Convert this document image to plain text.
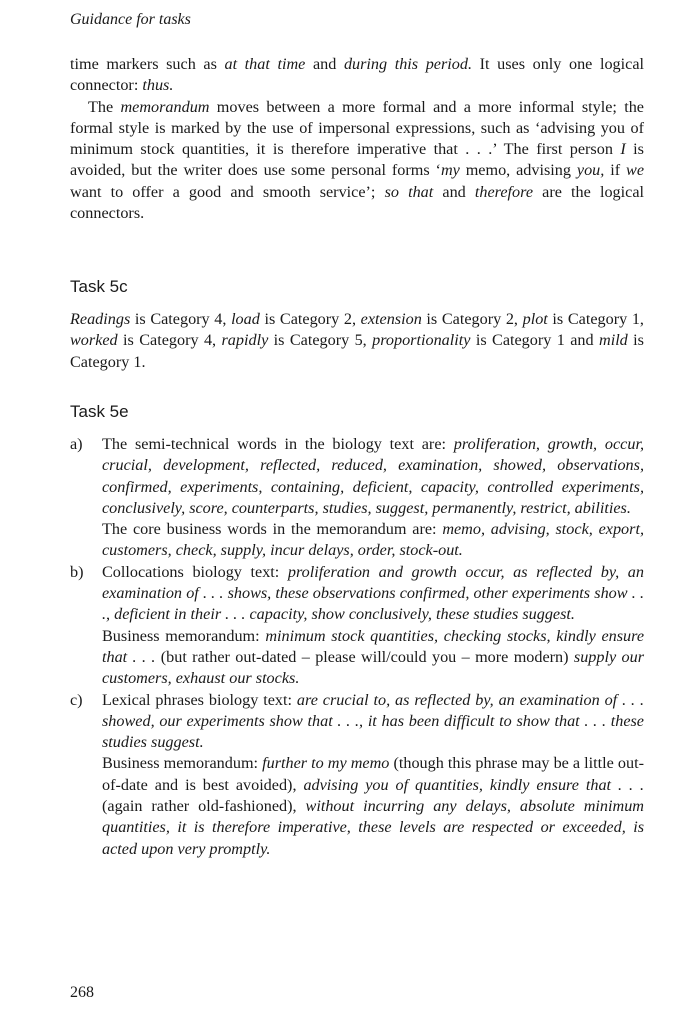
Guidance for tasks

time markers such as at that time and during this period. It uses only one logical connector: thus.

The memorandum moves between a more formal and a more informal style; the formal style is marked by the use of impersonal expressions, such as ‘advising you of minimum stock quantities, it is therefore imperative that . . .’ The first person I is avoided, but the writer does use some personal forms ‘my memo, advising you, if we want to offer a good and smooth service’; so that and therefore are the logical connectors.

Task 5c

Readings is Category 4, load is Category 2, extension is Category 2, plot is Category 1, worked is Category 4, rapidly is Category 5, proportionality is Category 1 and mild is Category 1.

Task 5e
a) The semi-technical words in the biology text are: proliferation, growth, occur, crucial, development, reflected, reduced, examination, showed, observations, confirmed, experiments, containing, deficient, capacity, controlled experiments, conclusively, score, counterparts, studies, suggest, permanently, restrict, abilities.

The core business words in the memorandum are: memo, advising, stock, export, customers, check, supply, incur delays, order, stock-out.

b) Collocations biology text: proliferation and growth occur, as reflected by, an examination of . . . shows, these observations confirmed, other experiments show . . ., deficient in their . . . capacity, show conclusively, these studies suggest.

Business memorandum: minimum stock quantities, checking stocks, kindly ensure that . . . (but rather out-dated – please will/could you – more modern) supply our customers, exhaust our stocks.

c) Lexical phrases biology text: are crucial to, as reflected by, an examination of . . . showed, our experiments show that . . ., it has been difficult to show that . . . these studies suggest.

Business memorandum: further to my memo (though this phrase may be a little out-of-date and is best avoided), advising you of quantities, kindly ensure that . . . (again rather old-fashioned), without incurring any delays, absolute minimum quantities, it is therefore imperative, these levels are respected or exceeded, is acted upon very promptly.

268
